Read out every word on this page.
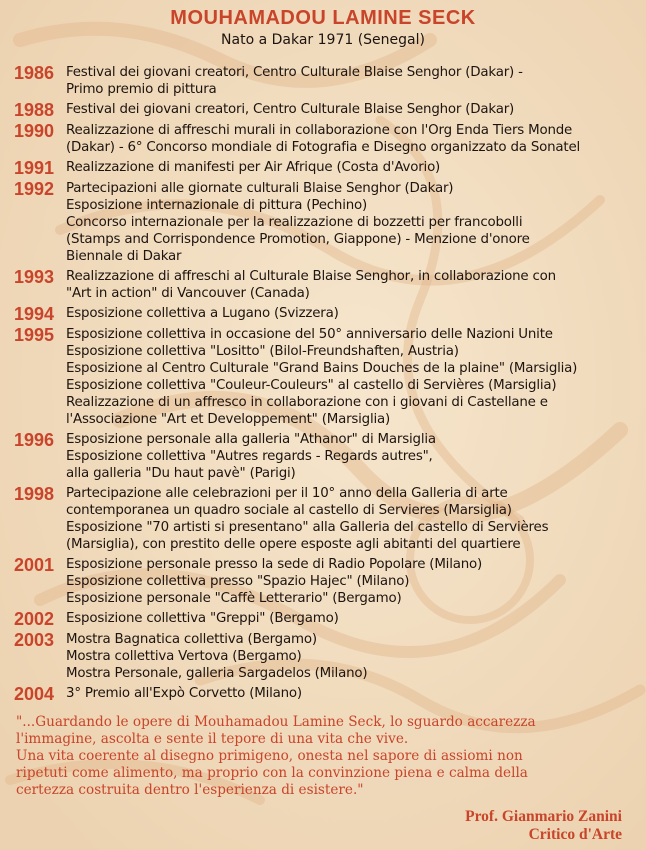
MOUHAMADOU LAMINE SECK
Nato a Dakar 1971 (Senegal)
1986 Festival dei giovani creatori, Centro Culturale Blaise Senghor (Dakar) -
Primo premio di pittura
1988 Festival dei giovani creatori, Centro Culturale Blaise Senghor (Dakar)
1990 Realizzazione di affreschi murali in collaborazione con l'Org Enda Tiers Monde
(Dakar) - 6° Concorso mondiale di Fotografia e Disegno organizzato da Sonatel
1991 Realizzazione di manifesti per Air Afrique (Costa d'Avorio)
1992 Partecipazioni alle giornate culturali Blaise Senghor (Dakar)
Esposizione internazionale di pittura (Pechino)
Concorso internazionale per la realizzazione di bozzetti per francobolli
(Stamps and Corrispondence Promotion, Giappone) - Menzione d'onore
Biennale di Dakar
1993 Realizzazione di affreschi al Culturale Blaise Senghor, in collaborazione con
"Art in action" di Vancouver (Canada)
1994 Esposizione collettiva a Lugano (Svizzera)
1995 Esposizione collettiva in occasione del 50° anniversario delle Nazioni Unite
Esposizione collettiva "Lositto" (Bilol-Freundshaften, Austria)
Esposizione al Centro Culturale "Grand Bains Douches de la plaine" (Marsiglia)
Esposizione collettiva "Couleur-Couleurs" al castello di Servières (Marsiglia)
Realizzazione di un affresco in collaborazione con i giovani di Castellane e
l'Associazione "Art et Developpement" (Marsiglia)
1996 Esposizione personale alla galleria "Athanor" di Marsiglia
Esposizione collettiva "Autres regards - Regards autres",
alla galleria "Du haut pavè" (Parigi)
1998 Partecipazione alle celebrazioni per il 10° anno della Galleria di arte
contemporanea un quadro sociale al castello di Servieres (Marsiglia)
Esposizione "70 artisti si presentano" alla Galleria del castello di Servières
(Marsiglia), con prestito delle opere esposte agli abitanti del quartiere
2001 Esposizione personale presso la sede di Radio Popolare (Milano)
Esposizione collettiva presso "Spazio Hajec" (Milano)
Esposizione personale "Caffè Letterario" (Bergamo)
2002 Esposizione collettiva "Greppi" (Bergamo)
2003 Mostra Bagnatica collettiva (Bergamo)
Mostra collettiva Vertova (Bergamo)
Mostra Personale, galleria Sargadelos (Milano)
2004 3° Premio all'Expò Corvetto (Milano)
"...Guardando le opere di Mouhamadou Lamine Seck, lo sguardo accarezza
l'immagine, ascolta e sente il tepore di una vita che vive.
Una vita coerente al disegno primigeno, onesta nel sapore di assiomi non
ripetuti come alimento, ma proprio con la convinzione piena e calma della
certezza costruita dentro l'esperienza di esistere."
Prof. Gianmario Zanini
Critico d'Arte
